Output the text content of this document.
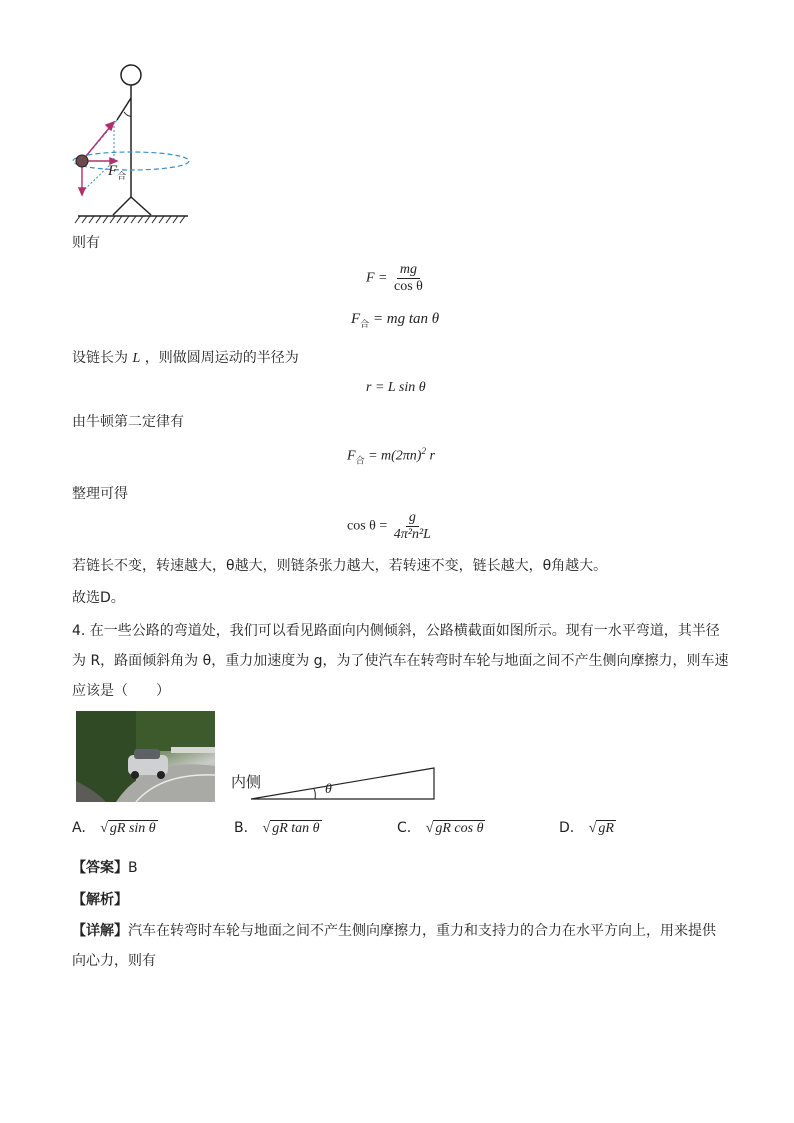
$F_合$
则有
$F = \frac{mg}{\text{cos θ}}$
$F_合$ = mg tan θ
设链长为 L ，则做圆周运动的半径为
r = L sin θ
由牛顿第二定律有
$F_合 = m(2\pi n)^2$ r
整理可得
$\cos \theta = \frac{g}{\text{4π²n²L}}$
若链长不变，转速越大，θ越大，则链条张力越大，若转速不变，链长越大，θ角越大。
故选D。
4. 在一些公路的弯道处，我们可以看见路面向内侧倾斜，公路横截面如图所示。现有一水平弯道，其半径
为 R，路面倾斜角为 θ，重力加速度为 g，为了使汽车在转弯时车轮与地面之间不产生侧向摩擦力，则车速
应该是（　　）
内侧	θ
A. √ gR sin θ	B. √ gR tan θ	C. √ gR cos θ	D. √ gR
【答案】B
【解析】
【详解】汽车在转弯时车轮与地面之间不产生侧向摩擦力，重力和支持力的合力在水平方向上，用来提供
向心力，则有
